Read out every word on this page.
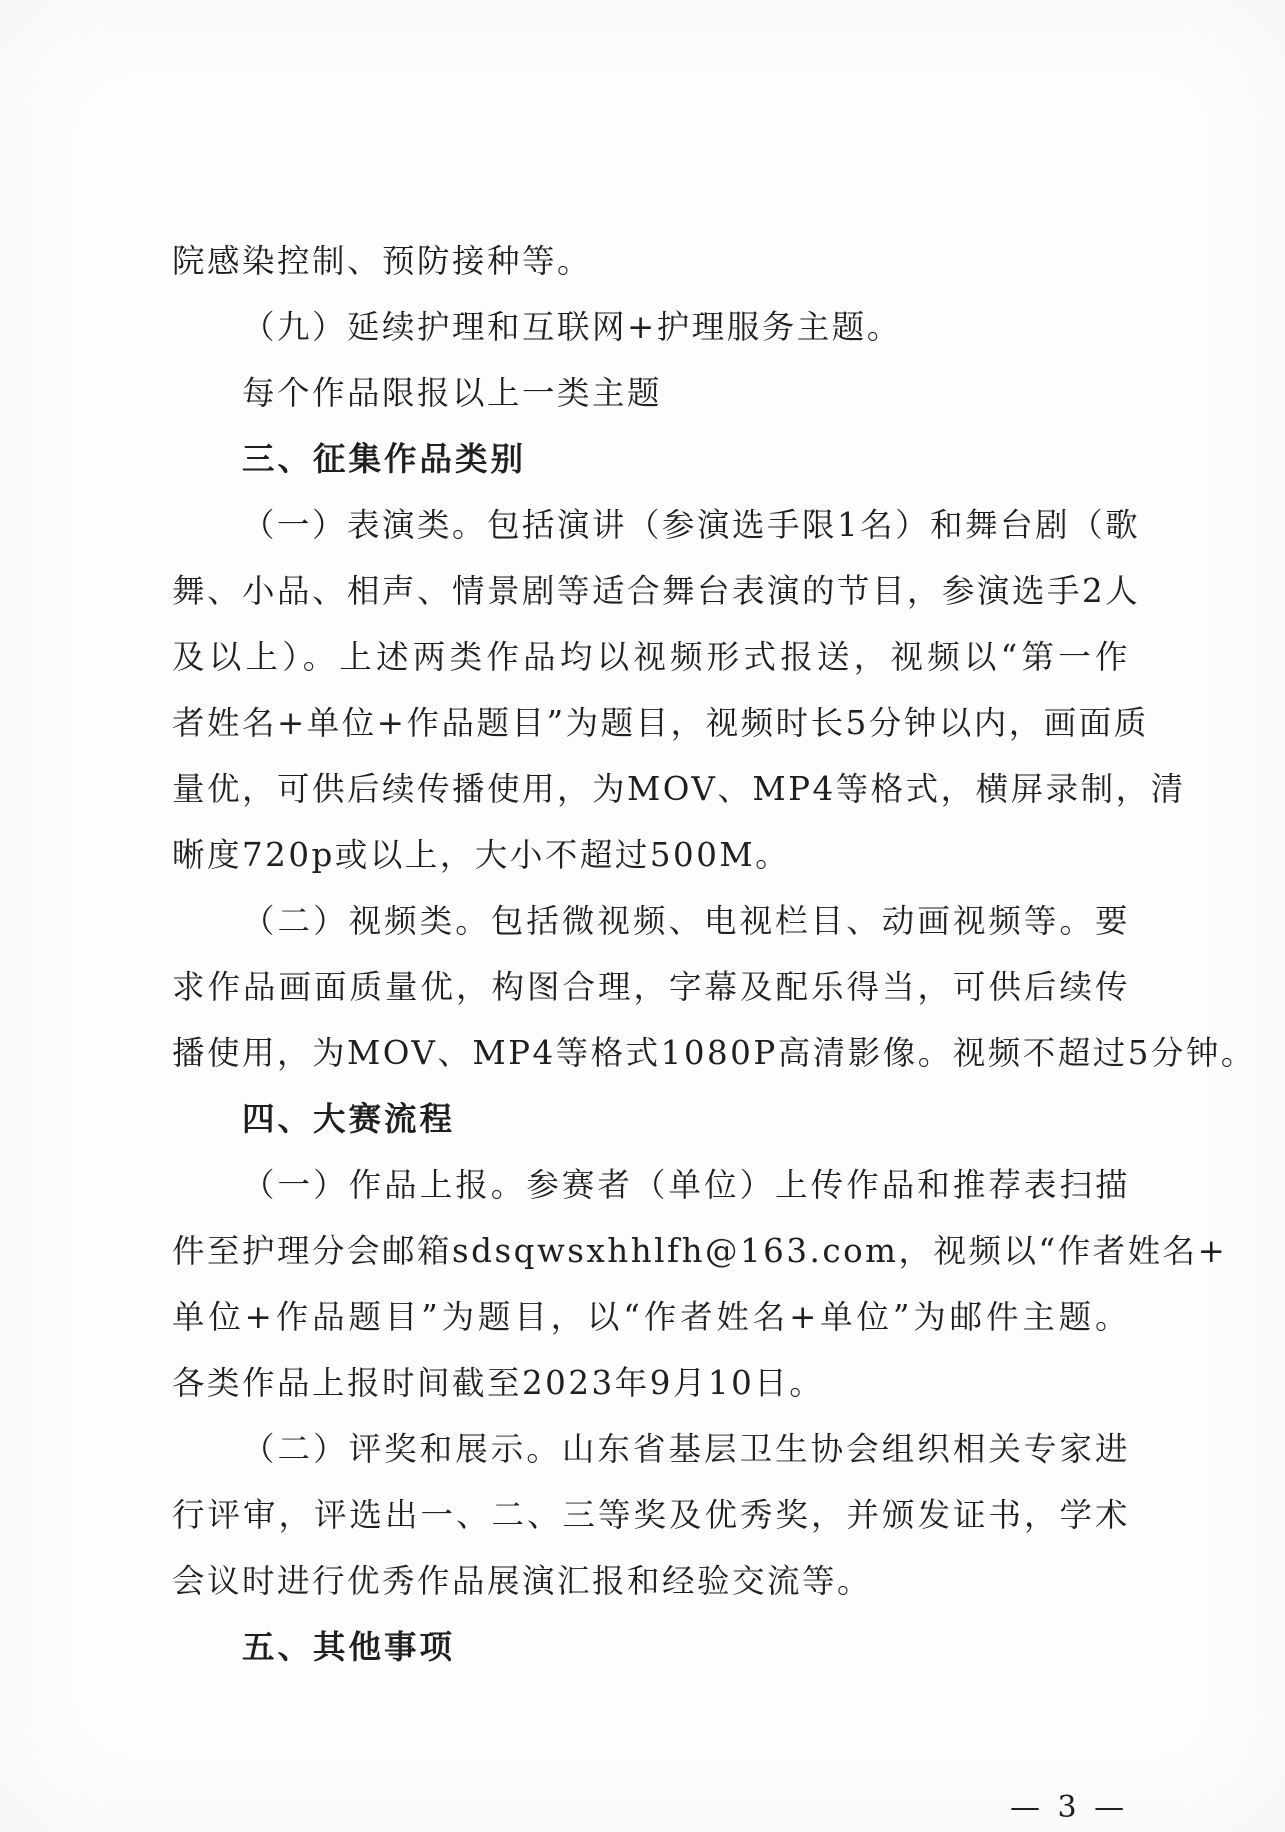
院感染控制、预防接种等。
（九）延续护理和互联网+护理服务主题。
每个作品限报以上一类主题
三、征集作品类别
（一）表演类。包括演讲（参演选手限1名）和舞台剧（歌
舞、小品、相声、情景剧等适合舞台表演的节目，参演选手2人
及以上）。上述两类作品均以视频形式报送，视频以“第一作
者姓名+单位+作品题目”为题目，视频时长5分钟以内，画面质
量优，可供后续传播使用，为MOV、MP4等格式，横屏录制，清
晰度720p或以上，大小不超过500M。
（二）视频类。包括微视频、电视栏目、动画视频等。要
求作品画面质量优，构图合理，字幕及配乐得当，可供后续传
播使用，为MOV、MP4等格式1080P高清影像。视频不超过5分钟。
四、大赛流程
（一）作品上报。参赛者（单位）上传作品和推荐表扫描
件至护理分会邮箱sdsqwsxhhlfh@163.com，视频以“作者姓名+
单位+作品题目”为题目，以“作者姓名+单位”为邮件主题。
各类作品上报时间截至2023年9月10日。
（二）评奖和展示。山东省基层卫生协会组织相关专家进
行评审，评选出一、二、三等奖及优秀奖，并颁发证书，学术
会议时进行优秀作品展演汇报和经验交流等。
五、其他事项
— 3 —
